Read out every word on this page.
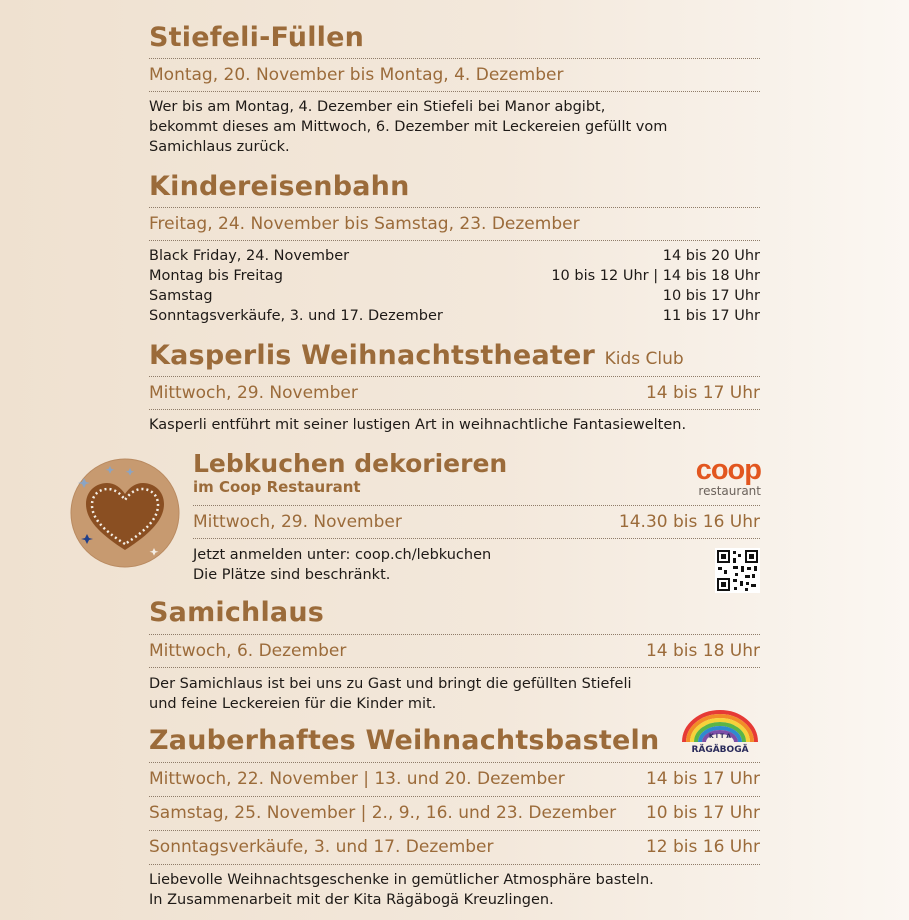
Stiefeli-Füllen
Montag, 20. November bis Montag, 4. Dezember

Wer bis am Montag, 4. Dezember ein Stiefeli bei Manor abgibt,

bekommt dieses am Mittwoch, 6. Dezember mit Leckereien gefüllt vom

Samichlaus zurück.

Kindereisenbahn
Freitag, 24. November bis Samstag, 23. Dezember
Black Friday, 24. November	14 bis 20 Uhr
Montag bis Freitag	10 bis 12 Uhr | 14 bis 18 Uhr
Samstag	10 bis 17 Uhr
Sonntagsverkäufe, 3. und 17. Dezember	11 bis 17 Uhr
Kasperlis Weihnachtstheater Kids Club
Mittwoch, 29. November	14 bis 17 Uhr

Kasperli entführt mit seiner lustigen Art in weihnachtliche Fantasiewelten.

Lebkuchen dekorieren
im Coop Restaurant
coop
restaurant
Mittwoch, 29. November	14.30 bis 16 Uhr

Jetzt anmelden unter: coop.ch/lebkuchen

Die Plätze sind beschränkt.

Samichlaus
Mittwoch, 6. Dezember	14 bis 18 Uhr

Der Samichlaus ist bei uns zu Gast und bringt die gefüllten Stiefeli

und feine Leckereien für die Kinder mit.

Zauberhaftes Weihnachtsbasteln	K I T A
RÄGÄBOGÄ
Mittwoch, 22. November | 13. und 20. Dezember	14 bis 17 Uhr
Samstag, 25. November | 2., 9., 16. und 23. Dezember 10 bis 17 Uhr
Sonntagsverkäufe, 3. und 17. Dezember	12 bis 16 Uhr

Liebevolle Weihnachtsgeschenke in gemütlicher Atmosphäre basteln.

In Zusammenarbeit mit der Kita Rägäbogä Kreuzlingen.
